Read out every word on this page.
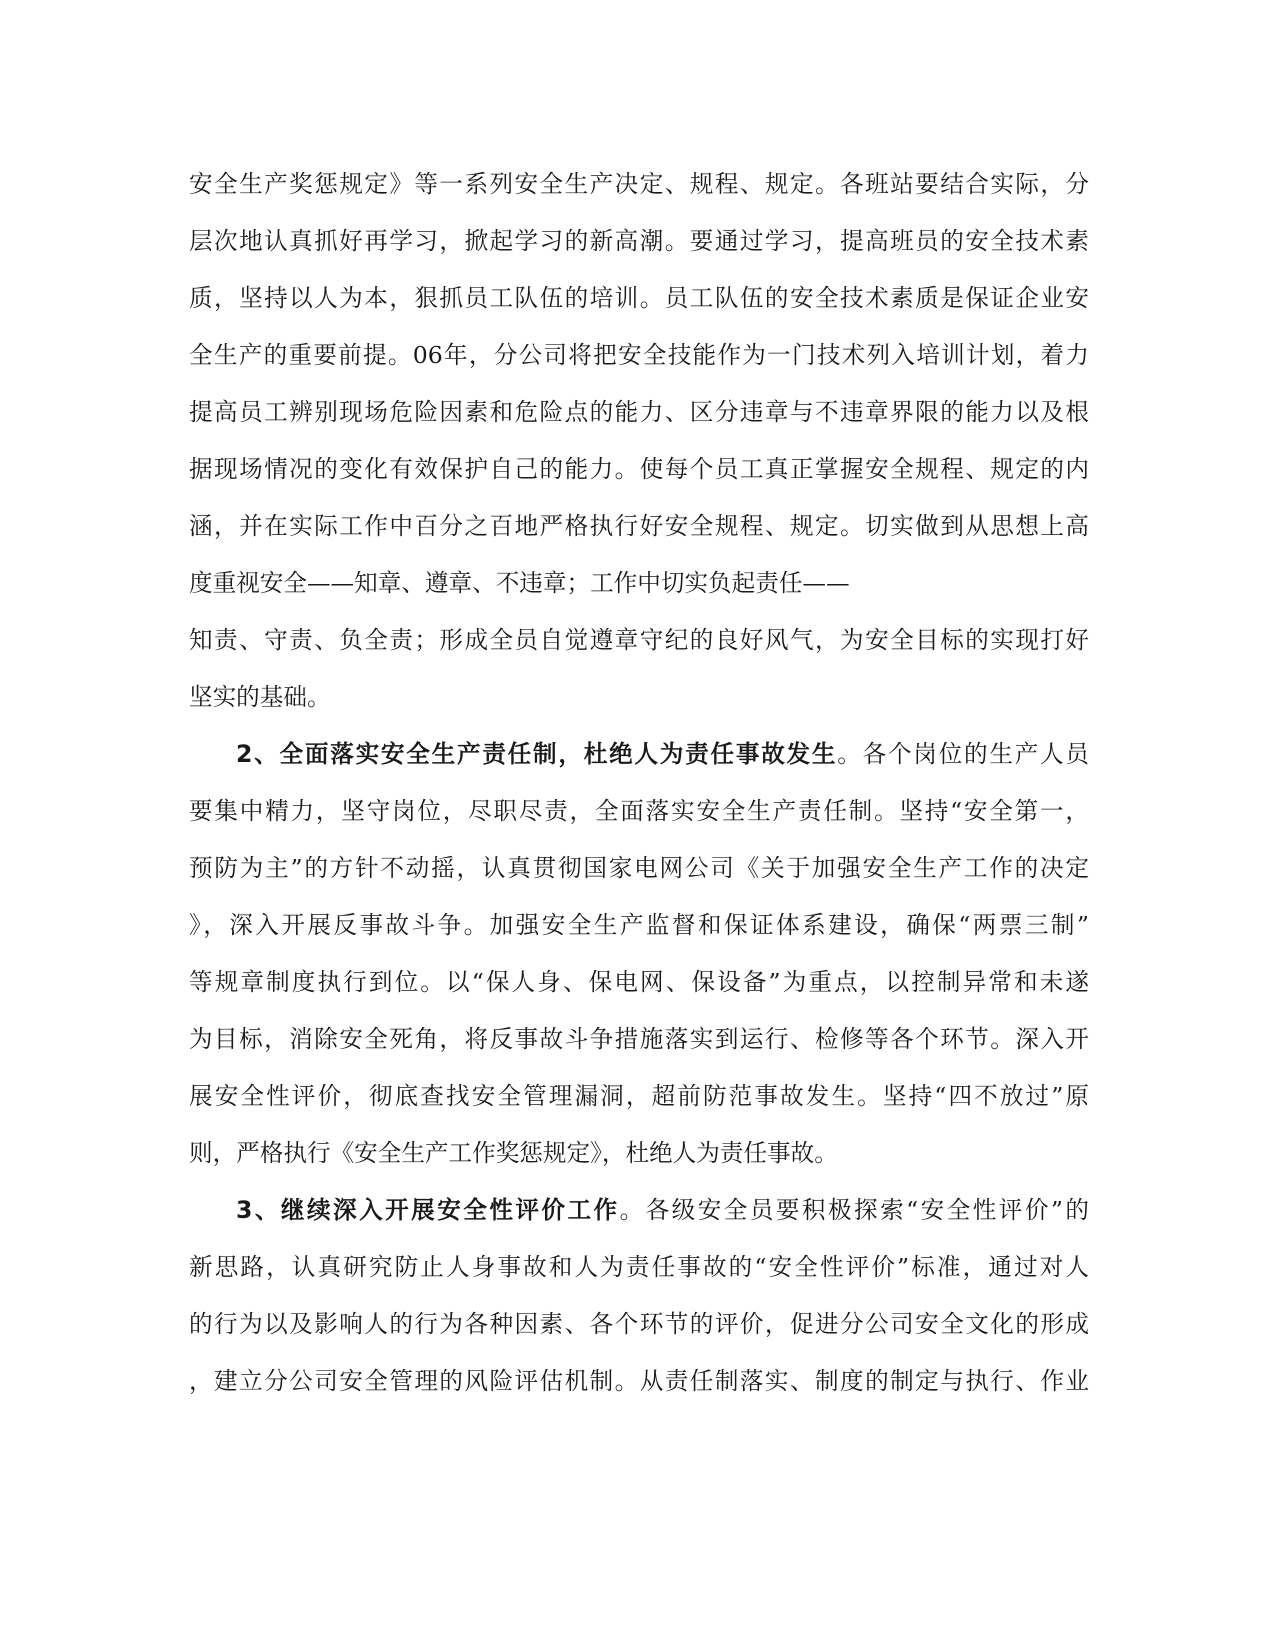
安全生产奖惩规定》等一系列安全生产决定、规程、规定。各班站要结合实际，分

层次地认真抓好再学习，掀起学习的新高潮。要通过学习，提高班员的安全技术素

质，坚持以人为本，狠抓员工队伍的培训。员工队伍的安全技术素质是保证企业安

全生产的重要前提。06年，分公司将把安全技能作为一门技术列入培训计划，着力

提高员工辨别现场危险因素和危险点的能力、区分违章与不违章界限的能力以及根

据现场情况的变化有效保护自己的能力。使每个员工真正掌握安全规程、规定的内

涵，并在实际工作中百分之百地严格执行好安全规程、规定。切实做到从思想上高

度重视安全——知章、遵章、不违章；工作中切实负起责任——

知责、守责、负全责；形成全员自觉遵章守纪的良好风气，为安全目标的实现打好

坚实的基础。

2、全面落实安全生产责任制，杜绝人为责任事故发生。各个岗位的生产人员

要集中精力，坚守岗位，尽职尽责，全面落实安全生产责任制。坚持“安全第一，

预防为主”的方针不动摇，认真贯彻国家电网公司《关于加强安全生产工作的决定

》，深入开展反事故斗争。加强安全生产监督和保证体系建设，确保“两票三制”

等规章制度执行到位。以“保人身、保电网、保设备”为重点，以控制异常和未遂

为目标，消除安全死角，将反事故斗争措施落实到运行、检修等各个环节。深入开

展安全性评价，彻底查找安全管理漏洞，超前防范事故发生。坚持“四不放过”原

则，严格执行《安全生产工作奖惩规定》，杜绝人为责任事故。

3、继续深入开展安全性评价工作。各级安全员要积极探索“安全性评价”的

新思路，认真研究防止人身事故和人为责任事故的“安全性评价”标准，通过对人

的行为以及影响人的行为各种因素、各个环节的评价，促进分公司安全文化的形成

，建立分公司安全管理的风险评估机制。从责任制落实、制度的制定与执行、作业
